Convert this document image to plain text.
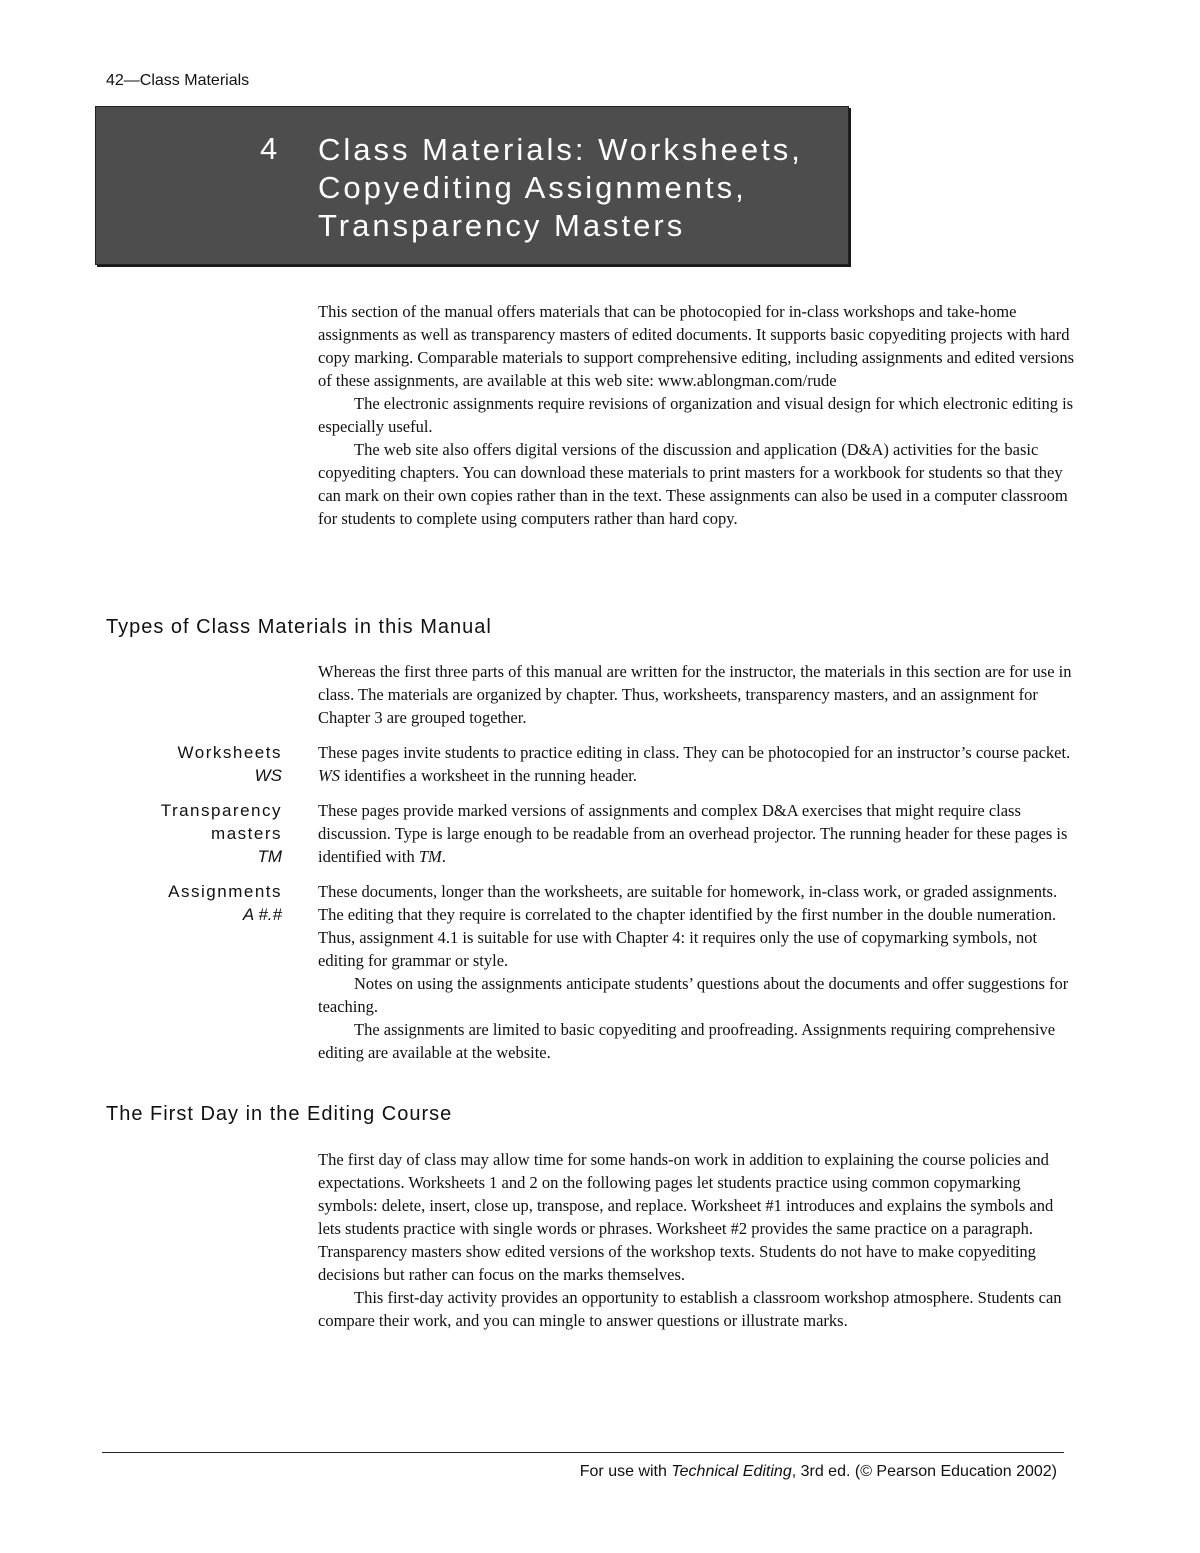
42—Class Materials
4 Class Materials: Worksheets,
Copyediting Assignments,
Transparency Masters

This section of the manual offers materials that can be photocopied for in-class workshops and take-home assignments as well as transparency masters of edited documents. It supports basic copyediting projects with hard copy marking. Comparable materials to support comprehensive editing, including assignments and edited versions of these assignments, are available at this web site: www.ablongman.com/rude

The electronic assignments require revisions of organization and visual design for which electronic editing is especially useful.

The web site also offers digital versions of the discussion and application (D&A) activities for the basic copyediting chapters. You can download these materials to print masters for a workbook for students so that they can mark on their own copies rather than in the text. These assignments can also be used in a computer classroom for students to complete using computers rather than hard copy.

Types of Class Materials in this Manual

Whereas the first three parts of this manual are written for the instructor, the materials in this section are for use in class. The materials are organized by chapter. Thus, worksheets, transparency masters, and an assignment for Chapter 3 are grouped together.

Worksheets
WS

These pages invite students to practice editing in class. They can be photocopied for an instructor’s course packet. WS identifies a worksheet in the running header.

Transparency
masters
TM

These pages provide marked versions of assignments and complex D&A exercises that might require class discussion. Type is large enough to be readable from an overhead projector. The running header for these pages is identified with TM.

Assignments
A #.#

These documents, longer than the worksheets, are suitable for homework, in-class work, or graded assignments. The editing that they require is correlated to the chapter identified by the first number in the double numeration. Thus, assignment 4.1 is suitable for use with Chapter 4: it requires only the use of copymarking symbols, not editing for grammar or style.

Notes on using the assignments anticipate students’ questions about the documents and offer suggestions for teaching.

The assignments are limited to basic copyediting and proofreading. Assignments requiring comprehensive editing are available at the website.

The First Day in the Editing Course

The first day of class may allow time for some hands-on work in addition to explaining the course policies and expectations. Worksheets 1 and 2 on the following pages let students practice using common copymarking symbols: delete, insert, close up, transpose, and replace. Worksheet #1 introduces and explains the symbols and lets students practice with single words or phrases. Worksheet #2 provides the same practice on a paragraph. Transparency masters show edited versions of the workshop texts. Students do not have to make copyediting decisions but rather can focus on the marks themselves.

This first-day activity provides an opportunity to establish a classroom workshop atmosphere. Students can compare their work, and you can mingle to answer questions or illustrate marks.

For use with Technical Editing, 3rd ed. (© Pearson Education 2002)
